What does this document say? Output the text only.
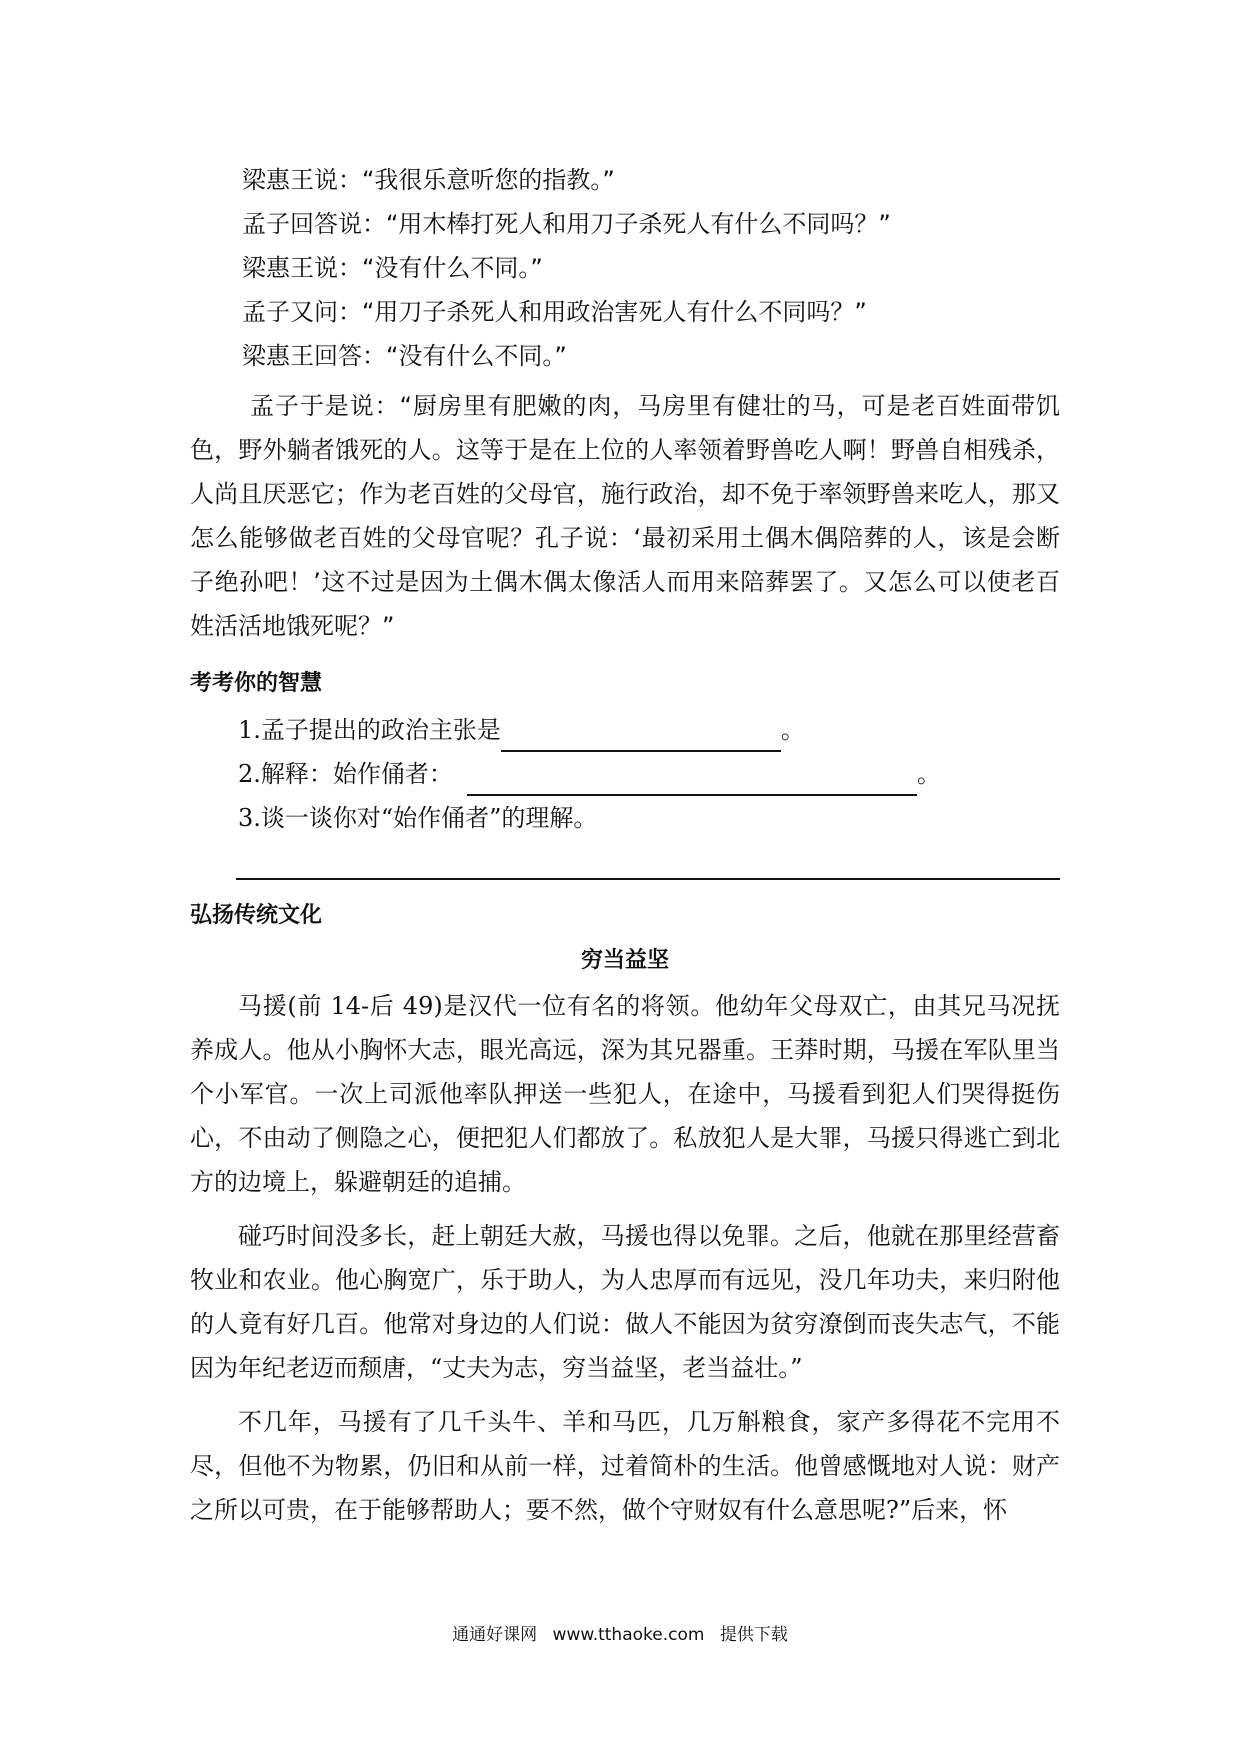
梁惠王说：“我很乐意听您的指教。”
孟子回答说：“用木棒打死人和用刀子杀死人有什么不同吗？”
梁惠王说：“没有什么不同。”
孟子又问：“用刀子杀死人和用政治害死人有什么不同吗？”
梁惠王回答：“没有什么不同。”
孟子于是说：“厨房里有肥嫩的肉，马房里有健壮的马，可是老百姓面带饥色，野外躺者饿死的人。这等于是在上位的人率领着野兽吃人啊！野兽自相残杀，人尚且厌恶它；作为老百姓的父母官，施行政治，却不免于率领野兽来吃人，那又怎么能够做老百姓的父母官呢？孔子说：‘最初采用土偶木偶陪葬的人，该是会断子绝孙吧！’这不过是因为土偶木偶太像活人而用来陪葬罢了。又怎么可以使老百姓活活地饿死呢？”
考考你的智慧
1.孟子提出的政治主张是	。
2.解释：始作俑者：	。
3.谈一谈你对“始作俑者”的理解。
弘扬传统文化
穷当益坚
马援(前 14-后 49)是汉代一位有名的将领。他幼年父母双亡，由其兄马况抚养成人。他从小胸怀大志，眼光高远，深为其兄器重。王莽时期，马援在军队里当个小军官。一次上司派他率队押送一些犯人，在途中，马援看到犯人们哭得挺伤心，不由动了侧隐之心，便把犯人们都放了。私放犯人是大罪，马援只得逃亡到北方的边境上，躲避朝廷的追捕。
碰巧时间没多长，赶上朝廷大赦，马援也得以免罪。之后，他就在那里经营畜牧业和农业。他心胸宽广，乐于助人，为人忠厚而有远见，没几年功夫，来归附他的人竟有好几百。他常对身边的人们说：做人不能因为贫穷潦倒而丧失志气，不能因为年纪老迈而颓唐，“丈夫为志，穷当益坚，老当益壮。”
不几年，马援有了几千头牛、羊和马匹，几万斛粮食，家产多得花不完用不尽，但他不为物累，仍旧和从前一样，过着简朴的生活。他曾感慨地对人说：财产之所以可贵，在于能够帮助人；要不然，做个守财奴有什么意思呢?”后来，怀
通通好课网 www.tthaoke.com 提供下载
